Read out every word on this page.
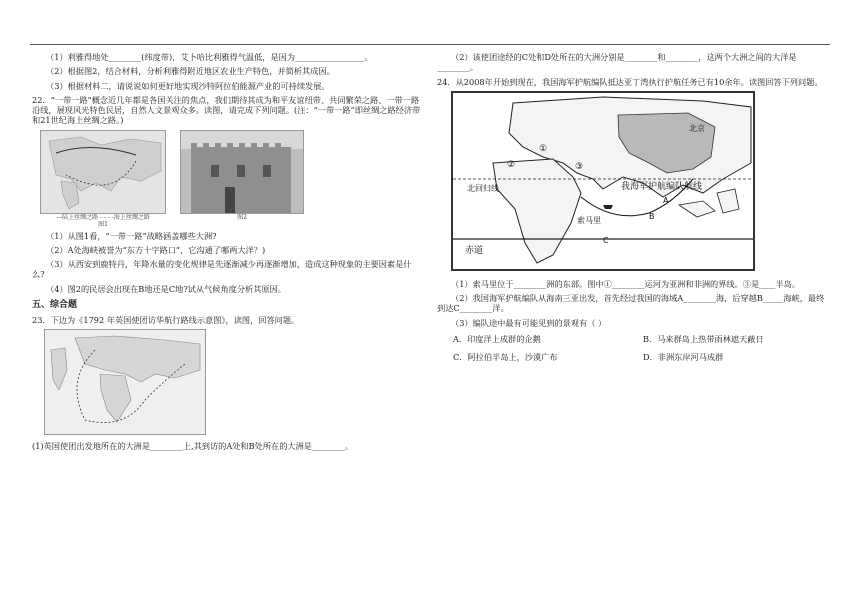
（1）利雅得地处________(纬度带)，艾卜哈比利雅得气温低，是因为_________________。

（2）根据图2，结合材料，分析利雅得附近地区农业生产特色，并简析其成因。

（3）根据材料二，请说说如何更好地实现沙特阿拉伯能源产业的可持续发展。

22．“一带一路”概念近几年都是各国关注的焦点，我们期待其成为和平友谊纽带、共同繁荣之路、一带一路沿线，展现风光特色民居，自然人文景观众多。读图，请完成下列问题。(注：“一带一路”即丝绸之路经济带和21世纪海上丝绸之路。)

—陆上丝绸之路 - - - -海上丝绸之路
图1
图2

（1）从图1看，“一带一路”战略涵盖哪些大洲?

（2）A处海峡被誉为“东方十字路口”，它沟通了哪两大洋？)

（3）从西安到鹿特丹，年降水量的变化规律是先逐渐减少再逐渐增加，造成这种现象的主要因素是什么?

（4）图2的民居会出现在B地还是C地?试从气候角度分析其原因。

五、综合题

23．下边为《1792 年英国使团访华航行路线示意图》，读图，回答问题。

(1)英国使团出发地所在的大洲是________上,其到访的A处和B处所在的大洲是________。

（2）该使团途经的C处和D处所在的大洲分别是________和________，这两个大洲之间的大洋是________。

24．从2008年开始到现在，我国海军护航编队抵达亚丁湾执行护航任务已有10余年。读图回答下列问题。

北回归线
赤道
我海军护航编队航线
索马里
北京
①
②	③
A
B
C

（1）索马里位于________洲的东部。图中①________运河为亚洲和非洲的界线。③是____半岛。

（2）我国海军护航编队从海南三亚出发，首先经过我国的海域A________海，后穿越B_____海峡，最终到达C________洋。

（3）编队途中最有可能见到的景观有（ ）

A．印度洋上成群的企鹅	B．马来群岛上热带雨林遮天蔽日
C．阿拉伯半岛上，沙漠广布	D．非洲东岸河马成群
